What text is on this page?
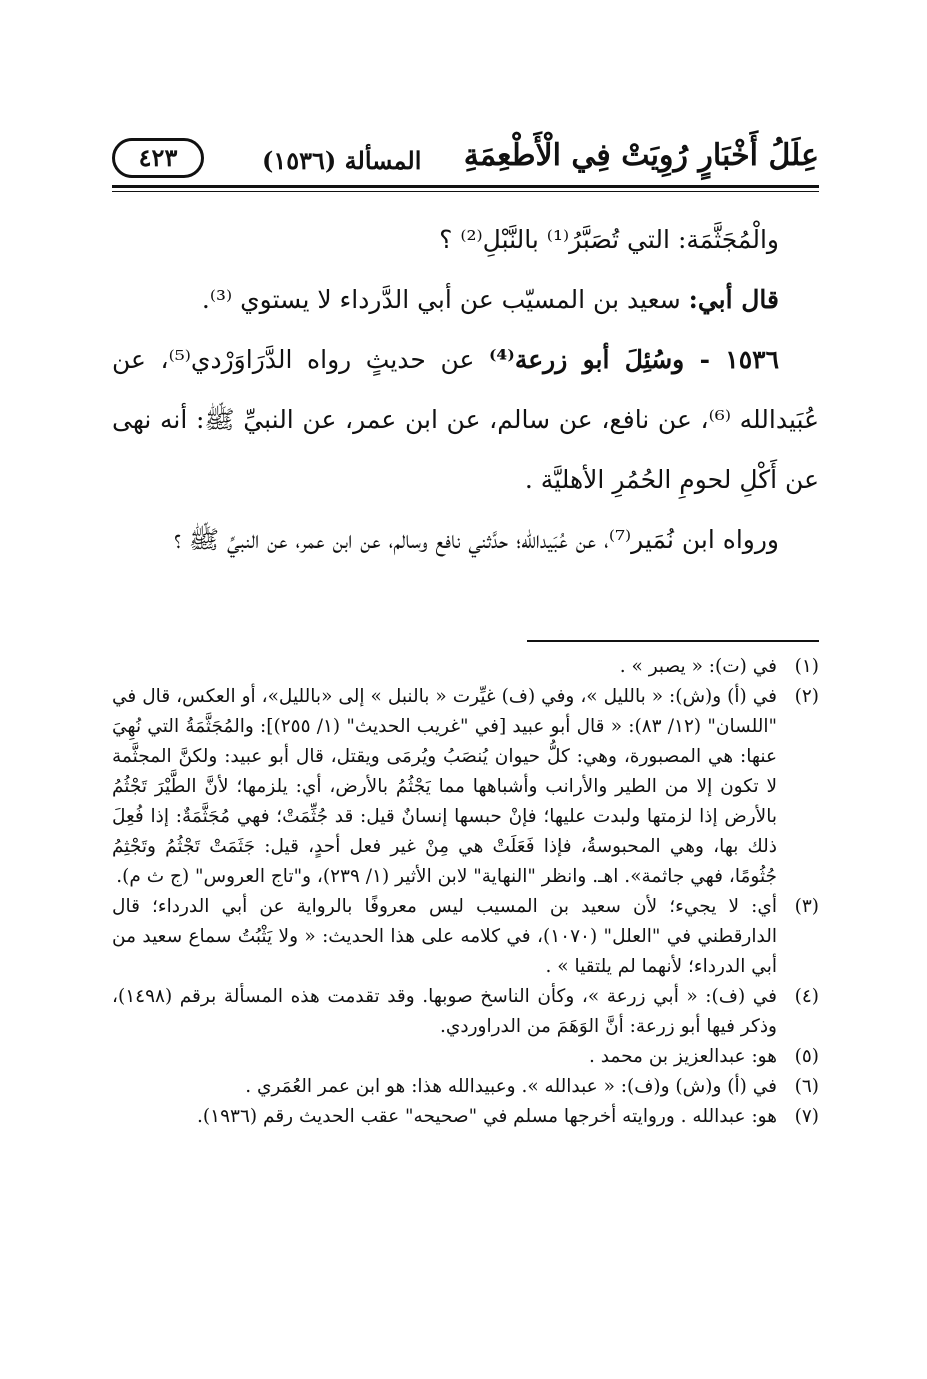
عِلَلُ أَخْبَارٍ رُوِيَتْ فِي الْأَطْعِمَةِ
المسألة (١٥٣٦)
٤٢٣

والْمُجَثَّمَة: التي تُصَبَّرُ⁽¹⁾ بالنَّبْلِ⁽²⁾ ؟

قال أبي: سعيد بن المسيّب عن أبي الدَّرداء لا يستوي ⁽³⁾.

١٥٣٦ - وسُئِلَ أبو زرعة⁽⁴⁾ عن حديثٍ رواه الدَّرَاوَرْدي⁽⁵⁾، عن عُبَيدالله ⁽⁶⁾، عن نافع، عن سالم، عن ابن عمر، عن النبيِّ ﷺ: أنه نهى عن أَكْلِ لحومِ الحُمُرِ الأهليَّة .

ورواه ابن نُمَير⁽⁷⁾، عن عُبَيدالله؛ حدَّثني نافع وسالم، عن ابن عمر، عن النبيِّ ﷺ ؟

(١)
في (ت): « يصبر » .
(٢)
في (أ) و(ش): « بالليل »، وفي (ف) غيِّرت « بالنبل » إلى «بالليل»، أو العكس، قال في "اللسان" (١٢/ ٨٣): « قال أبو عبيد [في "غريب الحديث" (١/ ٢٥٥)]: والمُجَثَّمَةُ التي نُهِيَ عنها: هي المصبورة، وهي: كلُّ حيوان يُنصَبُ ويُرمَى ويقتل، قال أبو عبيد: ولكنَّ المجثَّمة لا تكون إلا من الطير والأرانب وأشباهها مما يَجْثُمُ بالأرض، أي: يلزمها؛ لأنَّ الطَّيْرَ تَجْثُمُ بالأرض إذا لزمتها ولبدت عليها؛ فإنْ حبسها إنسانٌ قيل: قد جُثِّمَتْ؛ فهي مُجَثَّمَةٌ: إذا فُعِلَ ذلك بها، وهي المحبوسةُ، فإذا فَعَلَتْ هي مِنْ غير فعل أحدٍ، قيل: جَثَمَتْ تَجْثُمُ وتَجْثِمُ جُثُومًا، فهي جاثمة». اهـ. وانظر "النهاية" لابن الأثير (١/ ٢٣٩)، و"تاج العروس" (ج ث م).
(٣)
أي: لا يجيء؛ لأن سعيد بن المسيب ليس معروفًا بالرواية عن أبي الدرداء؛ قال الدارقطني في "العلل" (١٠٧٠)، في كلامه على هذا الحديث: « ولا يَثْبُتُ سماع سعيد من أبي الدرداء؛ لأنهما لم يلتقيا » .
(٤)
في (ف): « أبي زرعة »، وكأن الناسخ صوبها. وقد تقدمت هذه المسألة برقم (١٤٩٨)، وذكر فيها أبو زرعة: أنَّ الوَهَمَ من الدراوردي.
(٥)
هو: عبدالعزيز بن محمد .
(٦)
في (أ) و(ش) و(ف): « عبدالله ». وعبيدالله هذا: هو ابن عمر العُمَري .
(٧)
هو: عبدالله . وروايته أخرجها مسلم في "صحيحه" عقب الحديث رقم (١٩٣٦).
